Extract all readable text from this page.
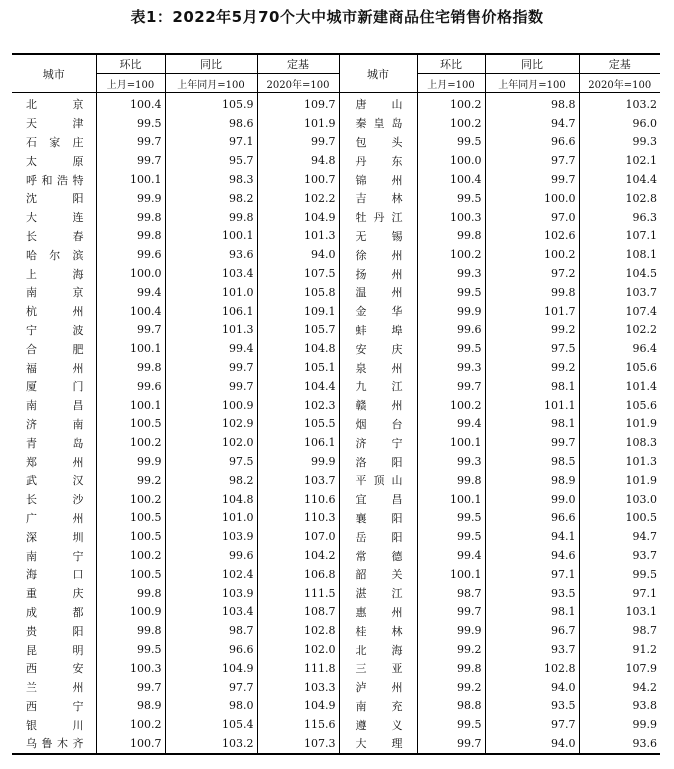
表1：2022年5月70个大中城市新建商品住宅销售价格指数
城市	环比	同比	定基	城市	环比	同比	定基
	上月=100	上年同月=100	2020年=100		上月=100	上年同月=100	2020年=100
北京	100.4	105.9	109.7	唐山	100.2	98.8	103.2
天津	99.5	98.6	101.9	秦皇岛	100.2	94.7	96.0
石家庄	99.7	97.1	99.7	包头	99.5	96.6	99.3
太原	99.7	95.7	94.8	丹东	100.0	97.7	102.1
呼和浩特	100.1	98.3	100.7	锦州	100.4	99.7	104.4
沈阳	99.9	98.2	102.2	吉林	99.5	100.0	102.8
大连	99.8	99.8	104.9	牡丹江	100.3	97.0	96.3
长春	99.8	100.1	101.3	无锡	99.8	102.6	107.1
哈尔滨	99.6	93.6	94.0	徐州	100.2	100.2	108.1
上海	100.0	103.4	107.5	扬州	99.3	97.2	104.5
南京	99.4	101.0	105.8	温州	99.5	99.8	103.7
杭州	100.4	106.1	109.1	金华	99.9	101.7	107.4
宁波	99.7	101.3	105.7	蚌埠	99.6	99.2	102.2
合肥	100.1	99.4	104.8	安庆	99.5	97.5	96.4
福州	99.8	99.7	105.1	泉州	99.3	99.2	105.6
厦门	99.6	99.7	104.4	九江	99.7	98.1	101.4
南昌	100.1	100.9	102.3	赣州	100.2	101.1	105.6
济南	100.5	102.9	105.5	烟台	99.4	98.1	101.9
青岛	100.2	102.0	106.1	济宁	100.1	99.7	108.3
郑州	99.9	97.5	99.9	洛阳	99.3	98.5	101.3
武汉	99.2	98.2	103.7	平顶山	99.8	98.9	101.9
长沙	100.2	104.8	110.6	宜昌	100.1	99.0	103.0
广州	100.5	101.0	110.3	襄阳	99.5	96.6	100.5
深圳	100.5	103.9	107.0	岳阳	99.5	94.1	94.7
南宁	100.2	99.6	104.2	常德	99.4	94.6	93.7
海口	100.5	102.4	106.8	韶关	100.1	97.1	99.5
重庆	99.8	103.9	111.5	湛江	98.7	93.5	97.1
成都	100.9	103.4	108.7	惠州	99.7	98.1	103.1
贵阳	99.8	98.7	102.8	桂林	99.9	96.7	98.7
昆明	99.5	96.6	102.0	北海	99.2	93.7	91.2
西安	100.3	104.9	111.8	三亚	99.8	102.8	107.9
兰州	99.7	97.7	103.3	泸州	99.2	94.0	94.2
西宁	98.9	98.0	104.9	南充	98.8	93.5	93.8
银川	100.2	105.4	115.6	遵义	99.5	97.7	99.9
乌鲁木齐	100.7	103.2	107.3	大理	99.7	94.0	93.6
